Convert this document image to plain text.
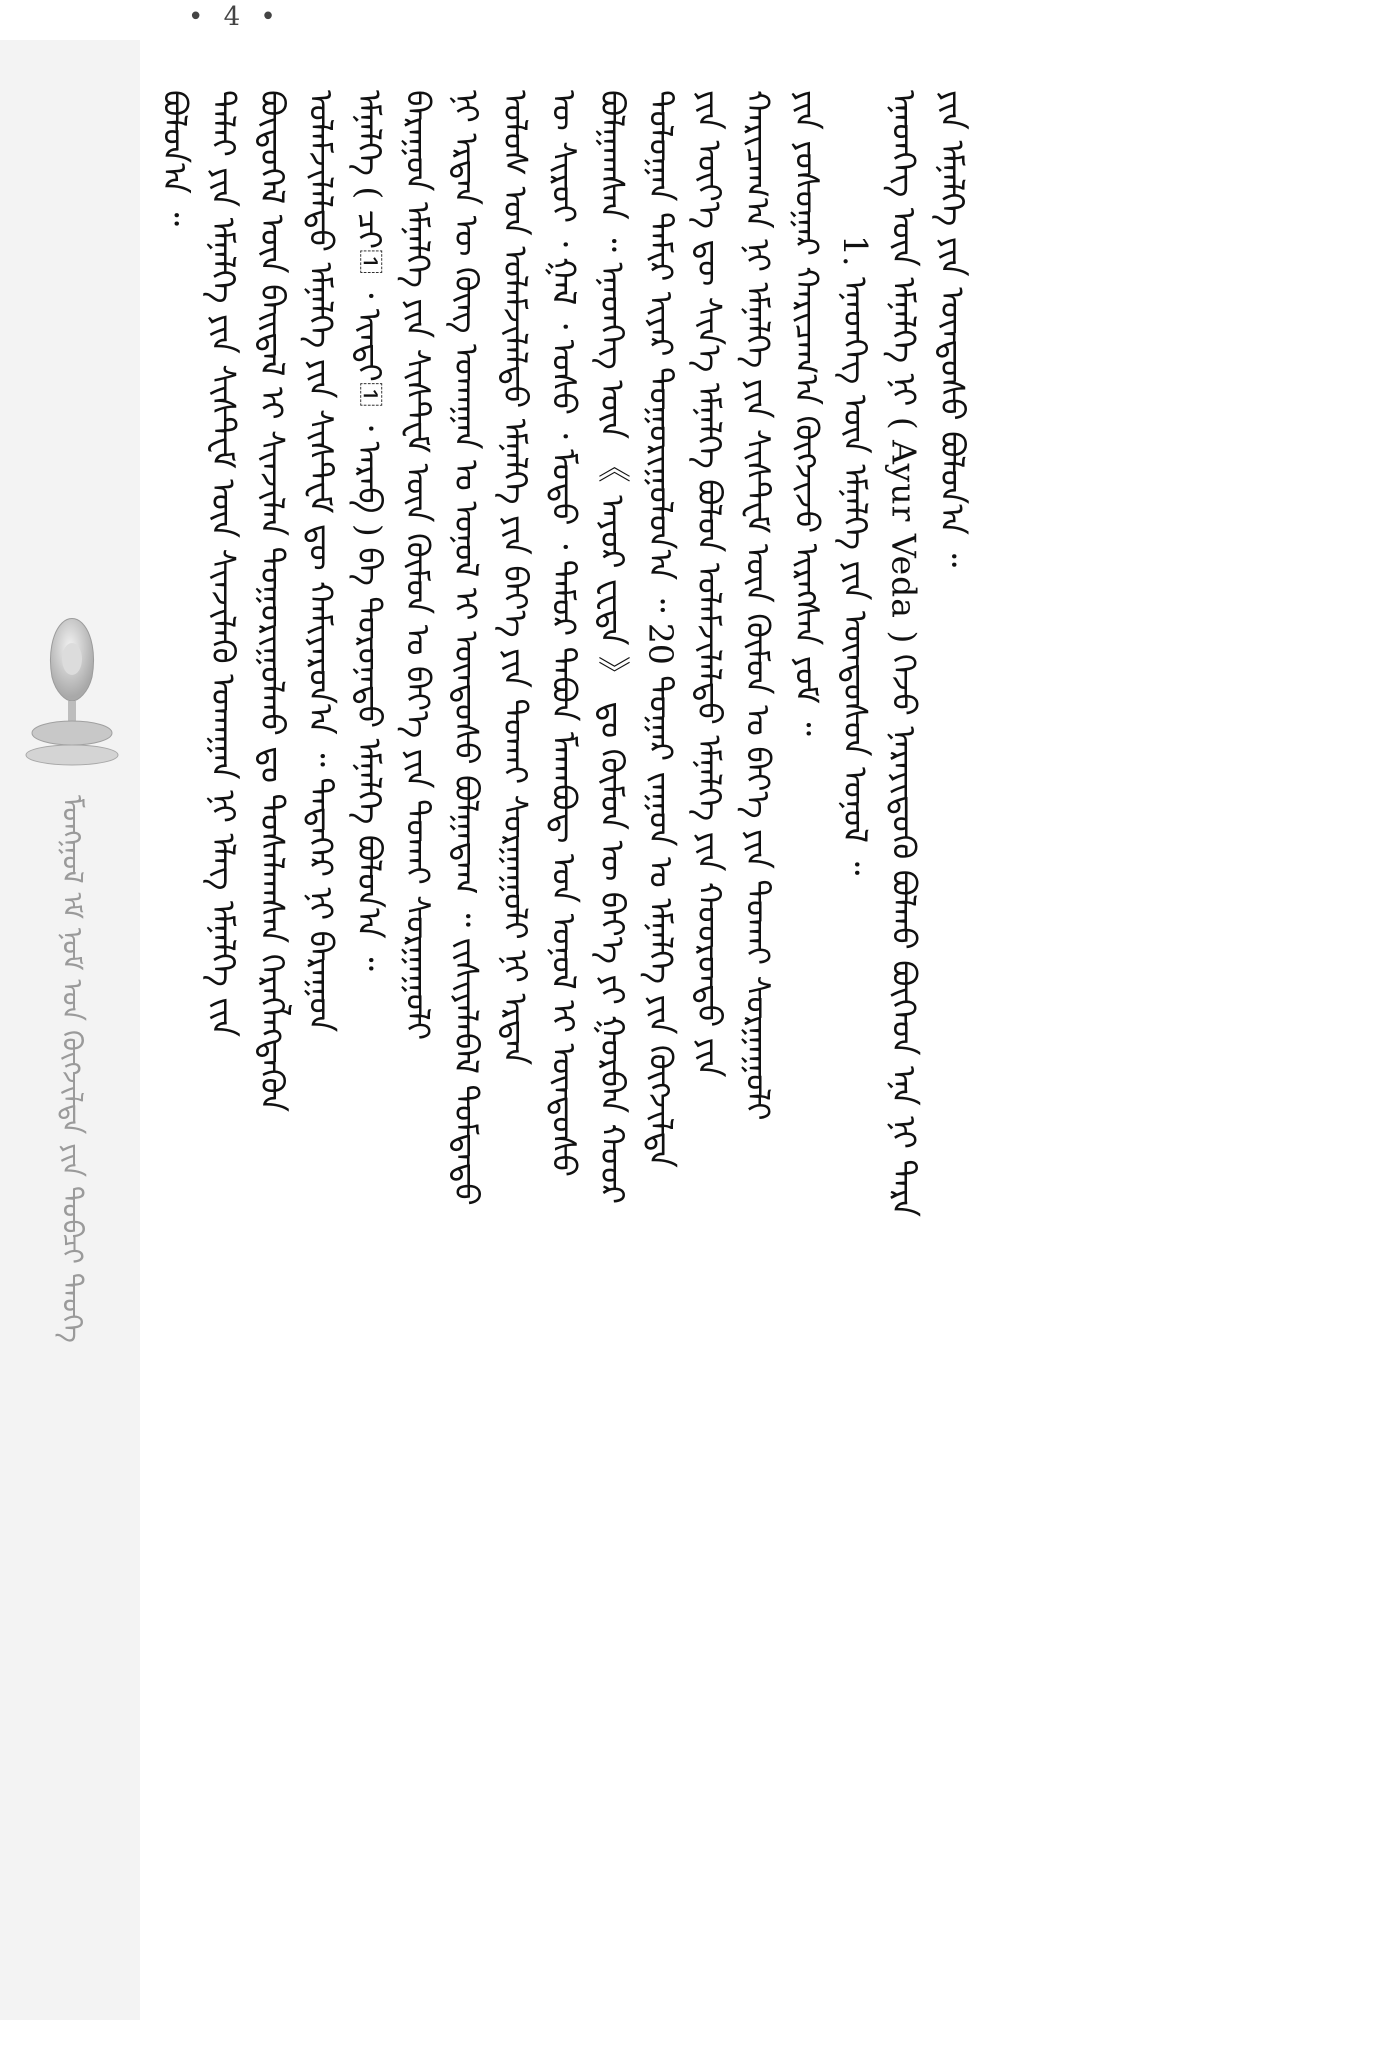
• 4 •
ᠮᠣᠩᠭᠣᠯ ᠡᠮ ᠨᠣᠮ ᠤᠨ ᠬᠥᠭᠵᠢᠯᠲᠡ ᠶᠢᠨ ᠲᠣᠪᠴᠢ ᠲᠡᠦᠬᠡ
ᠪᠣᠯᠤᠨ᠎ᠠ ᠃ ᠳᠠᠯᠠᠢ ᠶᠢᠨ ᠡᠮᠨᠡᠯᠭᠡ ᠶᠢᠨ ᠰᠢᠰᠲ᠋ᠧᠮ ᠦᠨ ᠰᠢᠨᠵᠢᠯᠡᠬᠦ ᠤᠬᠠᠭᠠᠨ ᠨᠢ ᠡᠯᠡᠭ ᠡᠮᠨᠡᠯᠭᠡ ᠵᠢᠨ ᠪᠦᠲᠦᠭᠡᠯ ᠦᠨ ᠪᠠᠢᠳᠠᠯ ᠢ ᠰᠢᠨᠵᠢᠯᠡᠨ ᠲᠣᠭᠣᠷᠢᠭᠤᠯᠬᠤ ᠳᠤ ᠳᠤᠰᠠᠯᠠᠭᠰᠠᠨ ᠬᠡᠷᠡᠭᠯᠡᠭᠳᠡᠬᠦᠨ ᠤᠯᠠᠮᠵᠢᠯᠠᠯᠳᠤ ᠡᠮᠨᠡᠯᠭᠡ ᠶᠢᠨ ᠰᠢᠰᠲ᠋ᠧᠮ ᠳᠦ ᠬᠠᠮᠢᠶᠠᠷᠤᠨ᠎ᠠ ᠃ ᠲᠡᠳᠡᠭᠡᠷ ᠨᠢ ᠪᠠᠷᠠᠭᠤᠨ ᠡᠮᠨᠡᠯᠭᠡ ( ᠴᠢ᠋ ᠂ ᠢᠨᠳᠢ᠋ ᠂ ᠠᠷᠠᠪ ) ᠪᠠ ᠳᠣᠷᠣᠨᠠᠳᠤ ᠡᠮᠨᠡᠯᠭᠡ ᠪᠣᠯᠤᠨ᠎ᠠ ᠃ ᠪᠠᠷᠠᠭᠤᠨ ᠡᠮᠨᠡᠯᠭᠡ ᠶᠢᠨ ᠰᠢᠰᠲ᠋ᠧᠮ ᠦᠨ ᠬᠦᠮᠦᠨ ᠤ ᠪᠡᠶ᠎ᠡ ᠶᠢᠨ ᠲᠤᠬᠠᠢ ᠰᠤᠷᠭᠠᠭᠤᠯᠢ ᠨᠢ ᠡᠷᠲᠡᠨ ᠦ ᠭᠦᠩ ᠤᠬᠠᠭᠠᠨ ᠤ ᠣᠨᠣᠯ ᠢ ᠦᠨᠳᠦᠰᠦ ᠪᠣᠯᠭᠠᠳᠠᠭ ᠃ ᠵᠢᠱᠢᠶᠡᠯᠡᠪᠡᠯ ᠳᠤᠮᠳᠠᠳᠤ ᠤᠯᠤᠰ ᠤᠨ ᠤᠯᠠᠮᠵᠢᠯᠠᠯᠳᠤ ᠡᠮᠨᠡᠯᠭᠡ ᠶᠢᠨ ᠪᠡᠶ᠎ᠡ ᠶᠢᠨ ᠲᠤᠬᠠᠢ ᠰᠤᠷᠭᠠᠭᠤᠯᠢ ᠨᠢ ᠡᠷᠲᠡᠨ ᠦ ᠰᠢᠷᠤᠢ ᠂ ᠭᠠᠯ ᠂ ᠤᠰᠤ ᠂ ᠮᠣᠳᠣ ᠂ ᠲᠡᠮᠦᠷ ᠲᠠᠪᠤᠨ ᠮᠠᠬᠠᠪᠣᠳ᠋ ᠤᠨ ᠣᠨᠣᠯ ᠢ ᠦᠨᠳᠦᠰᠦ ᠪᠣᠯᠭᠠᠭᠰᠠᠨ ᠃ ᠡᠨᠡᠳᠬᠡᠭ ᠦᠨ 《 ᠠᠶᠤᠷ ᠸᠧᠳᠠ 》 ᠳᠤ ᠬᠦᠮᠦᠨ ᠦ ᠪᠡᠶ᠎ᠡ ᠶᠢ ᠭᠤᠷᠪᠠᠨ ᠬᠣᠣᠷ ᠳᠣᠯᠣᠭᠠᠨ ᠲᠠᠮᠢᠷ ᠢᠶᠠᠷ ᠲᠣᠭᠣᠷᠢᠭᠤᠯᠤᠨ᠎ᠠ ᠃ 20 ᠳᠤᠭᠠᠷ ᠵᠠᠭᠤᠨ ᠤ ᠡᠮᠨᠡᠯᠭᠡ ᠶᠢᠨ ᠬᠥᠭᠵᠢᠯᠲᠡ ᠶᠢᠨ ᠦᠶ᠎ᠡ ᠳᠦ ᠰᠢᠨ᠎ᠡ ᠡᠮᠨᠡᠯᠭᠡ ᠪᠣᠯᠤᠨ ᠤᠯᠠᠮᠵᠢᠯᠠᠯᠳᠤ ᠡᠮᠨᠡᠯᠭᠡ ᠶᠢᠨ ᠬᠣᠣᠷᠣᠨᠳᠤ ᠶᠢᠨ ᠬᠠᠷᠢᠴᠠᠭ᠎ᠠ ᠨᠢ ᠡᠮᠨᠡᠯᠭᠡ ᠶᠢᠨ ᠰᠢᠰᠲ᠋ᠧᠮ ᠦᠨ ᠬᠦᠮᠦᠨ ᠤ ᠪᠡᠶ᠎ᠡ ᠶᠢᠨ ᠲᠤᠬᠠᠢ ᠰᠤᠷᠭᠠᠭᠤᠯᠢ ᠶᠢᠨ ᠶᠣᠰᠣᠭᠠᠷ ᠬᠠᠷᠢᠴᠠᠭ᠎ᠠ ᠬᠥᠭᠵᠢᠵᠦ ᠢᠷᠡᠭᠰᠡᠨ ᠶᠤᠮ ᠃ 1. ᠡᠨᠡᠳᠬᠡᠭ ᠦᠨ ᠡᠮᠨᠡᠯᠭᠡ ᠶᠢᠨ ᠦᠨᠳᠦᠰᠦᠨ ᠣᠨᠣᠯ ᠃ ᠡᠨᠡᠳᠬᠡᠭ ᠦᠨ ᠡᠮᠨᠡᠯᠭᠡ ᠨᠢ ( Ayur Veda ) ᠭᠡᠵᠦ ᠨᠡᠷᠡᠶᠢᠳᠦᠭᠦ ᠪᠣᠯᠬᠤ ᠪᠥᠭᠡᠳ ᠡᠨᠡ ᠨᠢ ᠲᠡᠷᠡ ᠶᠢᠨ ᠡᠮᠨᠡᠯᠭᠡ ᠶᠢᠨ ᠦᠨᠳᠦᠰᠦ ᠪᠣᠯᠤᠨ᠎ᠠ ᠃
